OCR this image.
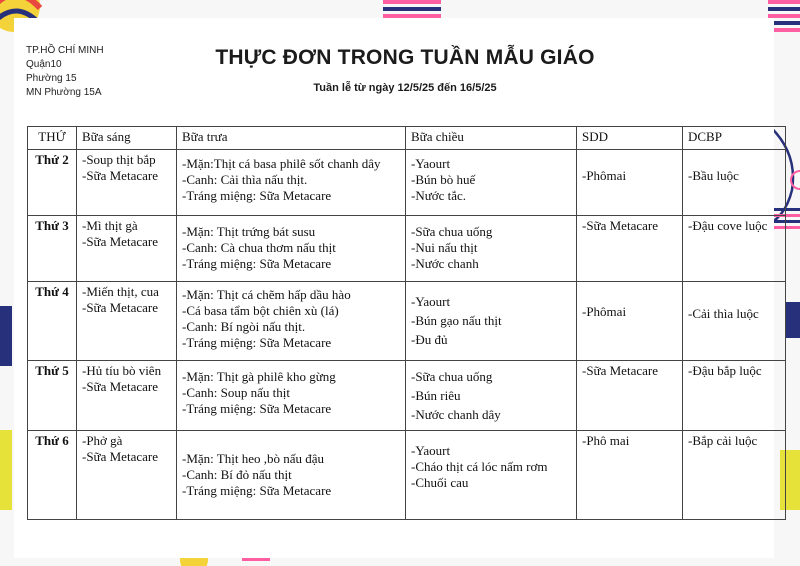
TP.HỒ CHÍ MINH
Quận10
Phường 15
MN Phường 15A
THỰC ĐƠN TRONG TUẦN MẪU GIÁO
Tuần lễ từ ngày 12/5/25 đến 16/5/25
THỨ	Bữa sáng	Bữa trưa	Bữa chiều	SDD	DCBP
Thứ 2	-Soup thịt bắp
-Sữa Metacare	-Mặn:Thịt cá basa philê sốt chanh dây
-Canh: Cải thìa nấu thịt.
-Tráng miệng: Sữa Metacare	-Yaourt
-Bún bò huế
-Nước tắc.	-Phômai	-Bầu luộc
Thứ 3	-Mì thịt gà
-Sữa Metacare	-Mặn: Thịt trứng bát susu
-Canh: Cà chua thơm nấu thịt
-Tráng miệng: Sữa Metacare	-Sữa chua uống
-Nui nấu thịt
-Nước chanh	-Sữa Metacare	-Đậu cove luộc
Thứ 4	-Miến thịt, cua
-Sữa Metacare	-Mặn: Thịt cá chẽm hấp dầu hào
-Cá basa tẩm bột chiên xù (lá)
-Canh: Bí ngòi nấu thịt.
-Tráng miệng: Sữa Metacare	-Yaourt
-Bún gạo nấu thịt
-Đu đủ	-Phômai	-Cải thìa luộc
Thứ 5	-Hủ tíu bò viên
-Sữa Metacare	-Mặn: Thịt gà philê kho gừng
-Canh: Soup nấu thịt
-Tráng miệng: Sữa Metacare	-Sữa chua uống
-Bún riêu
-Nước chanh dây	-Sữa Metacare	-Đậu bắp luộc
Thứ 6	-Phở gà
-Sữa Metacare	-Mặn: Thịt heo ,bò nấu đậu
-Canh: Bí đỏ nấu thịt
-Tráng miệng: Sữa Metacare	-Yaourt
-Cháo thịt cá lóc nấm rơm
-Chuối cau	-Phô mai	-Bắp cải luộc
